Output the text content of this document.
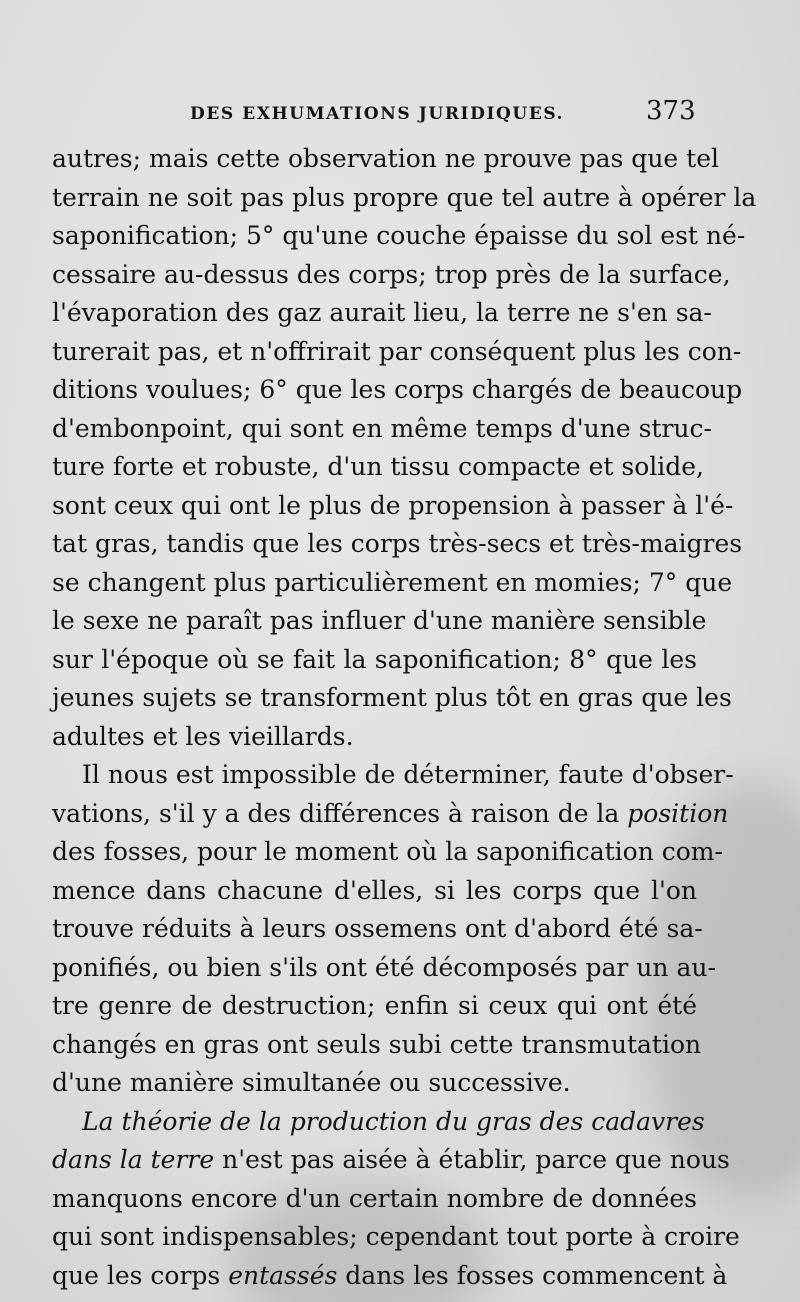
DES EXHUMATIONS JURIDIQUES.	373
autres; mais cette observation ne prouve pas que tel
terrain ne soit pas plus propre que tel autre à opérer la
saponification; 5° qu'une couche épaisse du sol est né-
cessaire au-dessus des corps; trop près de la surface,
l'évaporation des gaz aurait lieu, la terre ne s'en sa-
turerait pas, et n'offrirait par conséquent plus les con-
ditions voulues; 6° que les corps chargés de beaucoup
d'embonpoint, qui sont en même temps d'une struc-
ture forte et robuste, d'un tissu compacte et solide,
sont ceux qui ont le plus de propension à passer à l'é-
tat gras, tandis que les corps très-secs et très-maigres
se changent plus particulièrement en momies; 7° que
le sexe ne paraît pas influer d'une manière sensible
sur l'époque où se fait la saponification; 8° que les
jeunes sujets se transforment plus tôt en gras que les
adultes et les vieillards.
Il nous est impossible de déterminer, faute d'obser-
vations, s'il y a des différences à raison de la position
des fosses, pour le moment où la saponification com-
mence dans chacune d'elles, si les corps que l'on
trouve réduits à leurs ossemens ont d'abord été sa-
ponifiés, ou bien s'ils ont été décomposés par un au-
tre genre de destruction; enfin si ceux qui ont été
changés en gras ont seuls subi cette transmutation
d'une manière simultanée ou successive.
La théorie de la production du gras des cadavres
dans la terre n'est pas aisée à établir, parce que nous
manquons encore d'un certain nombre de données
qui sont indispensables; cependant tout porte à croire
que les corps entassés dans les fosses commencent à
